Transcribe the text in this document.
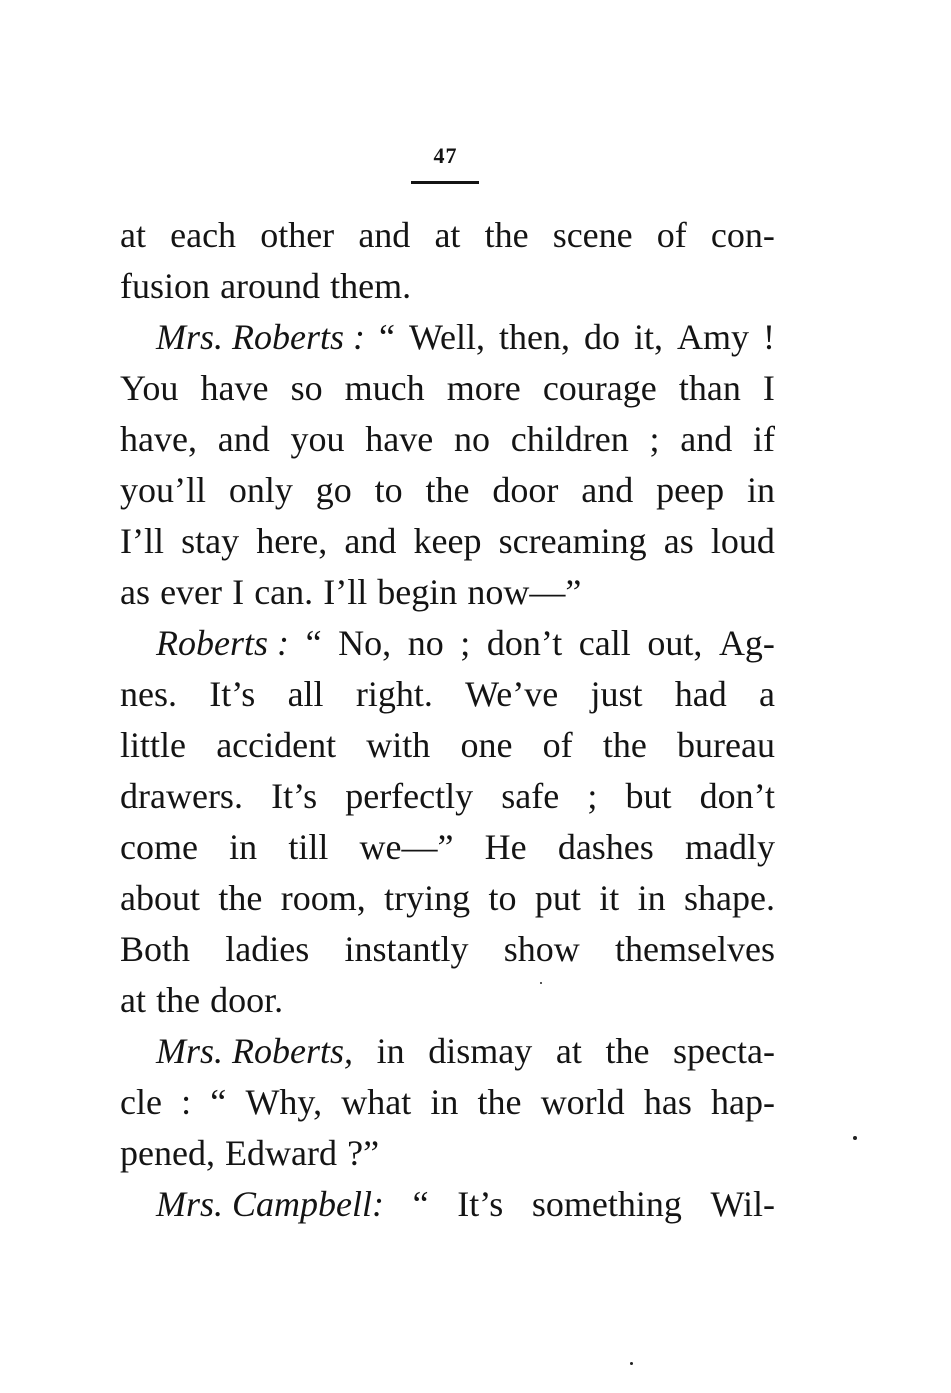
47
at each other and at the scene of con-
fusion around them.
Mrs. Roberts : “ Well, then, do it, Amy !
You have so much more courage than I
have, and you have no children ; and if
you’ll only go to the door and peep in
I’ll stay here, and keep screaming as loud
as ever I can. I’ll begin now—”
Roberts : “ No, no ; don’t call out, Ag-
nes. It’s all right. We’ve just had a
little accident with one of the bureau
drawers. It’s perfectly safe ; but don’t
come in till we—” He dashes madly
about the room, trying to put it in shape.
Both ladies instantly show themselves
at the door.
Mrs. Roberts, in dismay at the specta-
cle : “ Why, what in the world has hap-
pened, Edward ?”
Mrs. Campbell: “ It’s something Wil-
